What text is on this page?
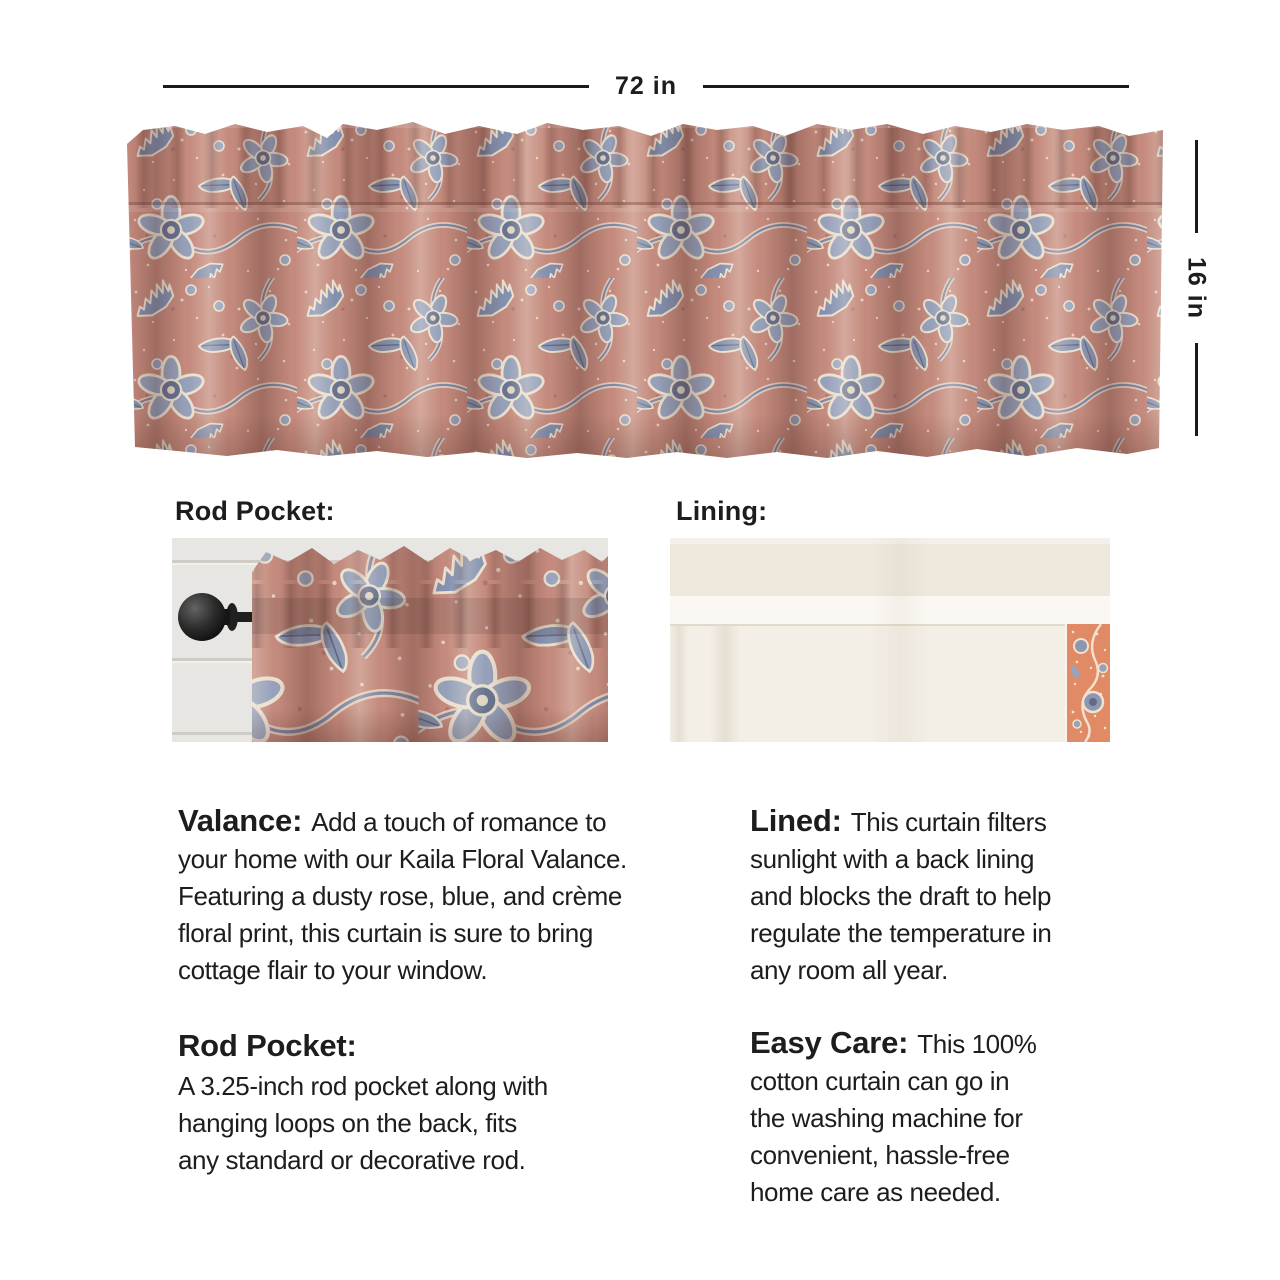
72 in
16 in
Rod Pocket:	Lining:
Valance: Add a touch of romance to
your home with our Kaila Floral Valance.
Featuring a dusty rose, blue, and crème
floral print, this curtain is sure to bring
cottage flair to your window.
Lined: This curtain filters
sunlight with a back lining
and blocks the draft to help
regulate the temperature in
any room all year.
Rod Pocket:
A 3.25-inch rod pocket along with
hanging loops on the back, fits
any standard or decorative rod.
Easy Care: This 100%
cotton curtain can go in
the washing machine for
convenient, hassle-free
home care as needed.
